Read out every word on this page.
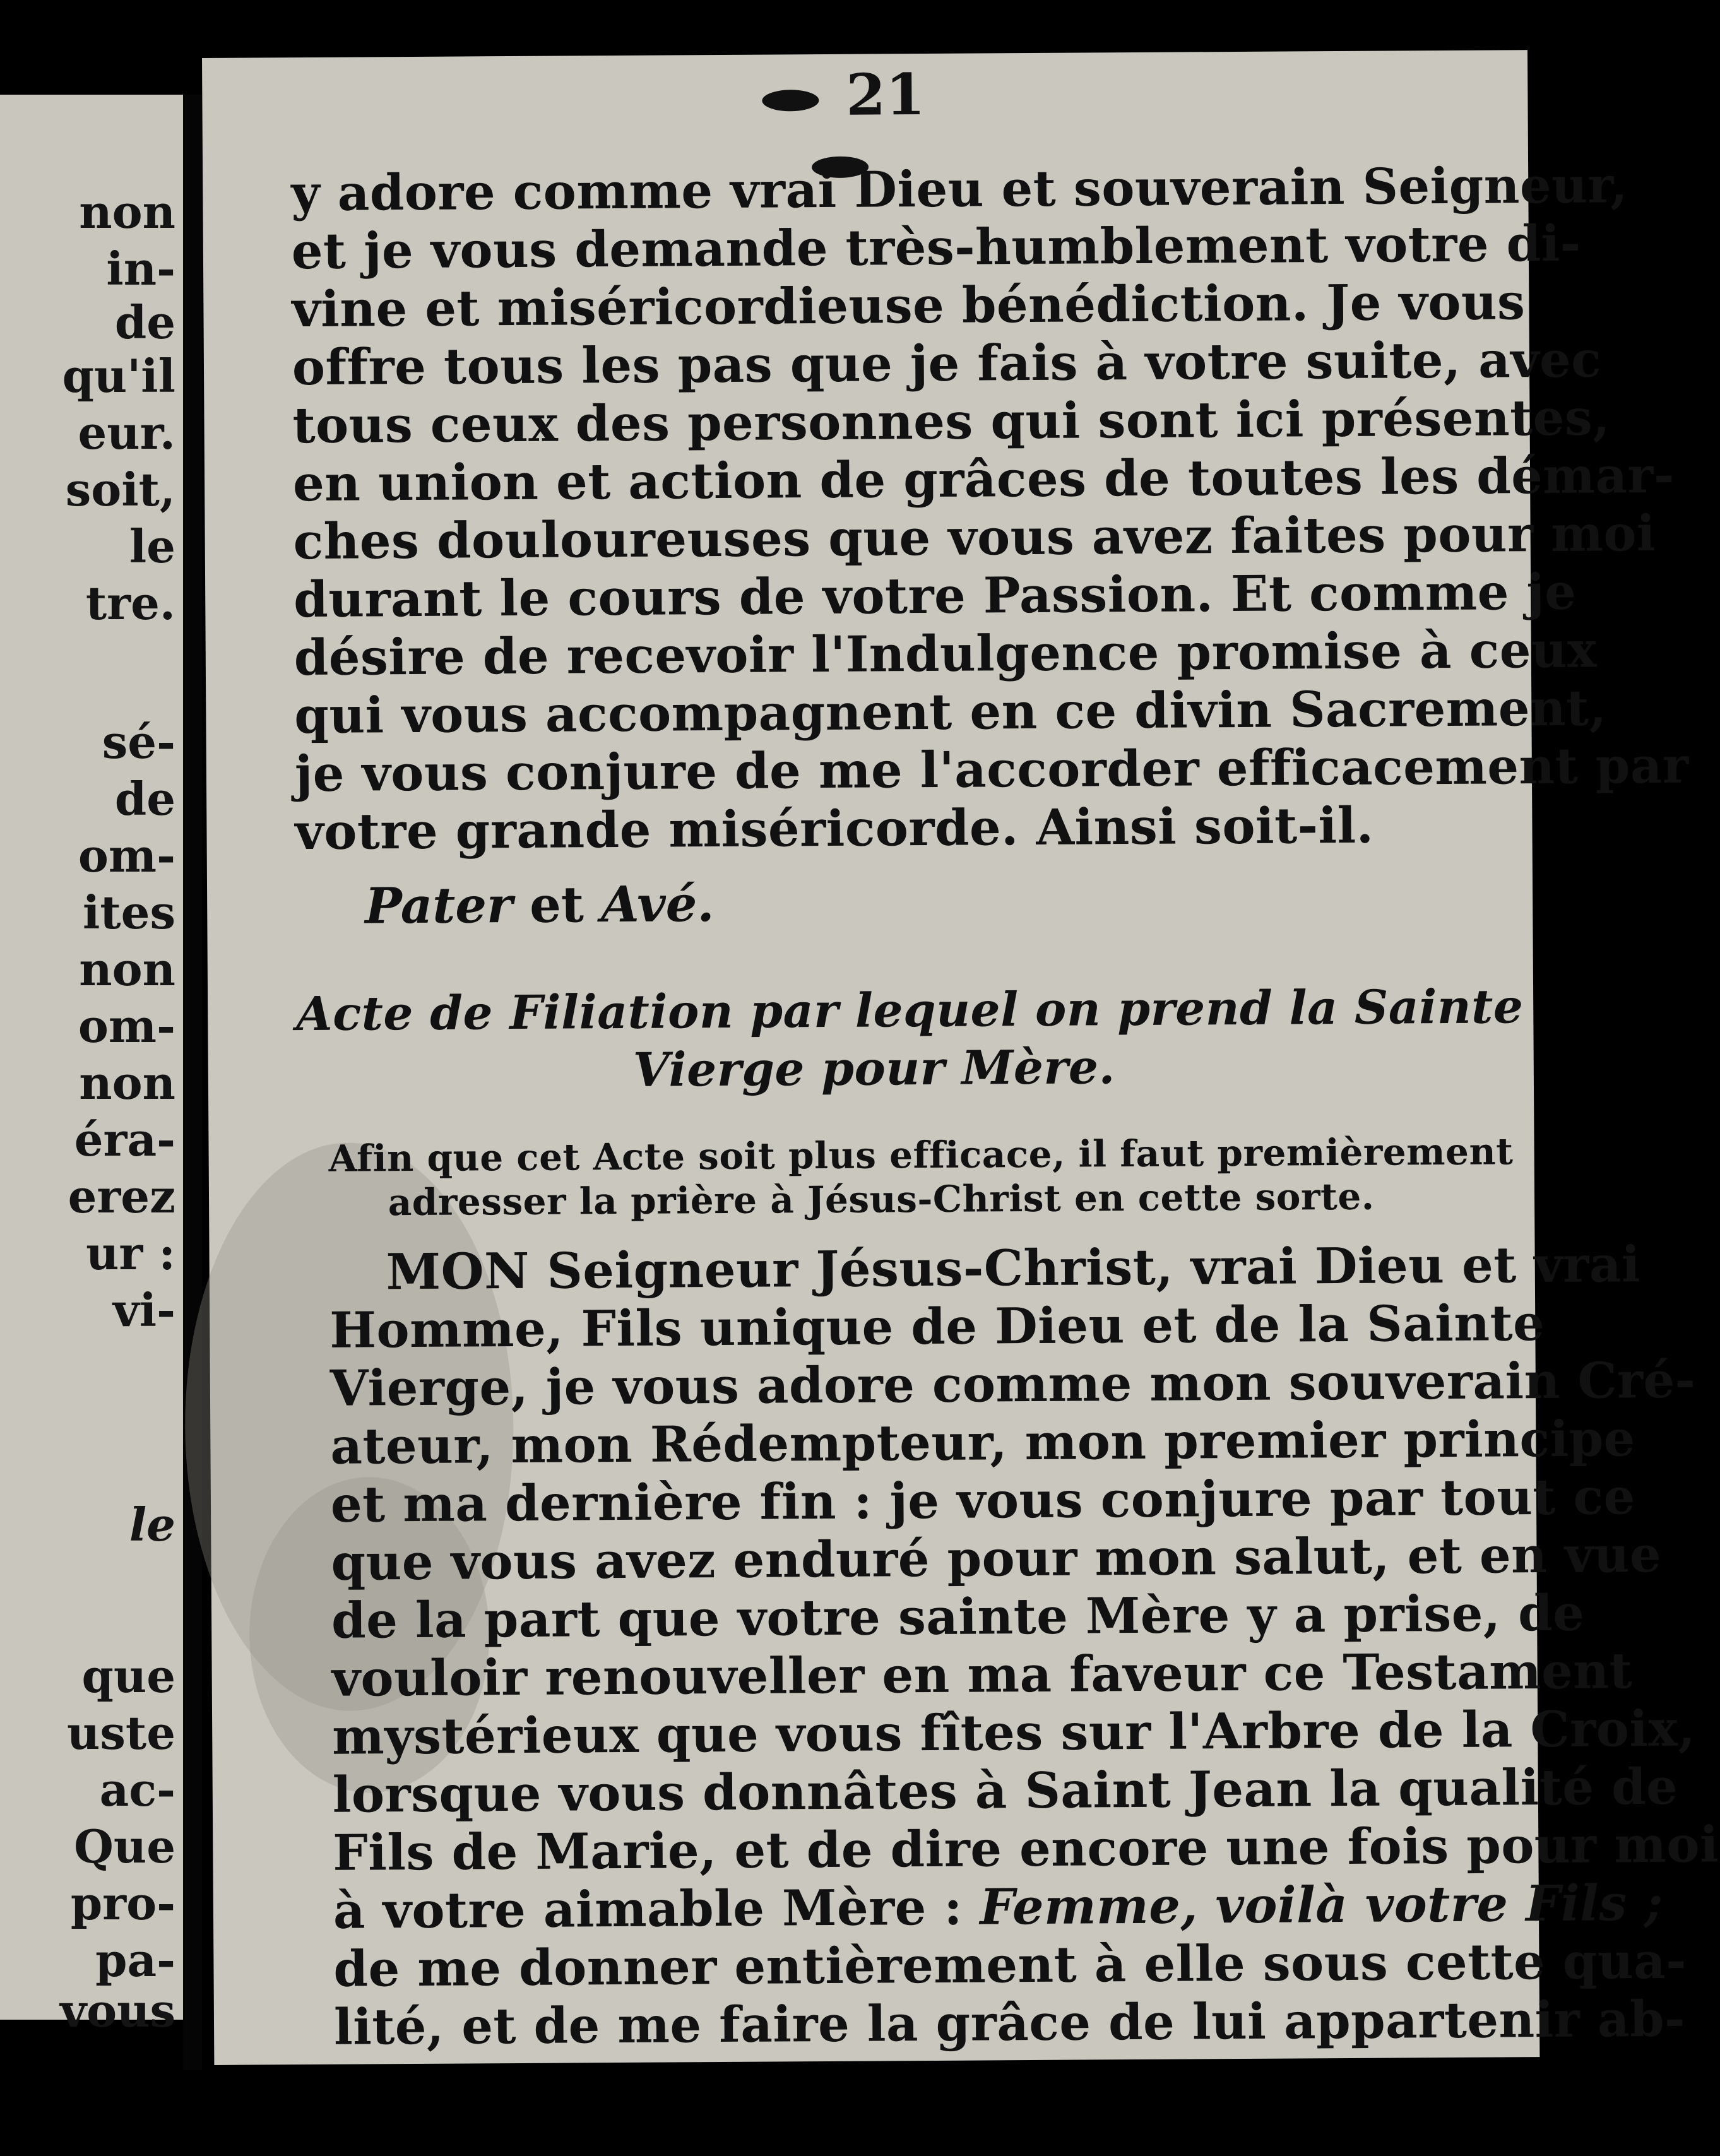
non
in-
de
qu'il
eur.
soit,
le
tre.
sé-
de
om-
ites
non
om-
non
éra-
erez
ur :
vi-
le
que
uste
ac-
Que
pro-
pa-
vous
21
y adore comme vrai Dieu et souverain Seigneur,
et je vous demande très-humblement votre di-
vine et miséricordieuse bénédiction. Je vous
offre tous les pas que je fais à votre suite, avec
tous ceux des personnes qui sont ici présentes,
en union et action de grâces de toutes les démar-
ches douloureuses que vous avez faites pour moi
durant le cours de votre Passion. Et comme je
désire de recevoir l'Indulgence promise à ceux
qui vous accompagnent en ce divin Sacrement,
je vous conjure de me l'accorder efficacement par
votre grande miséricorde. Ainsi soit-il.
Pater et Avé.
Acte de Filiation par lequel on prend la Sainte
Vierge pour Mère.
Afin que cet Acte soit plus efficace, il faut premièrement
adresser la prière à Jésus-Christ en cette sorte.
MON Seigneur Jésus-Christ, vrai Dieu et vrai
Homme, Fils unique de Dieu et de la Sainte
Vierge, je vous adore comme mon souverain Cré-
ateur, mon Rédempteur, mon premier principe
et ma dernière fin : je vous conjure par tout ce
que vous avez enduré pour mon salut, et en vue
de la part que votre sainte Mère y a prise, de
vouloir renouveller en ma faveur ce Testament
mystérieux que vous fîtes sur l'Arbre de la Croix,
lorsque vous donnâtes à Saint Jean la qualité de
Fils de Marie, et de dire encore une fois pour moi
à votre aimable Mère : Femme, voilà votre Fils ;
de me donner entièrement à elle sous cette qua-
lité, et de me faire la grâce de lui appartenir ab-
